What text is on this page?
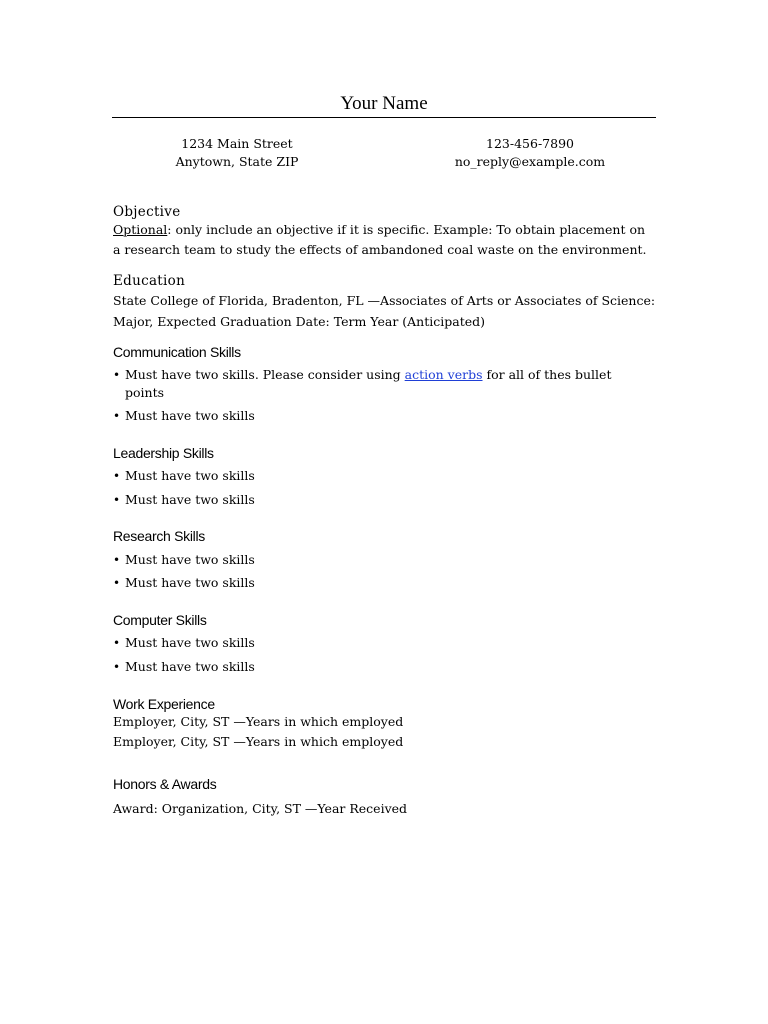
Your Name
1234 Main Street
Anytown, State ZIP
123-456-7890
no_reply@example.com
Objective
Optional: only include an objective if it is specific. Example: To obtain placement on
a research team to study the effects of ambandoned coal waste on the environment.
Education
State College of Florida, Bradenton, FL —Associates of Arts or Associates of Science:
Major, Expected Graduation Date: Term Year (Anticipated)
Communication Skills
• Must have two skills. Please consider using action verbs for all of thes bullet
points
• Must have two skills
Leadership Skills
• Must have two skills
• Must have two skills
Research Skills
• Must have two skills
• Must have two skills
Computer Skills
• Must have two skills
• Must have two skills
Work Experience
Employer, City, ST —Years in which employed
Employer, City, ST —Years in which employed
Honors & Awards
Award: Organization, City, ST —Year Received
